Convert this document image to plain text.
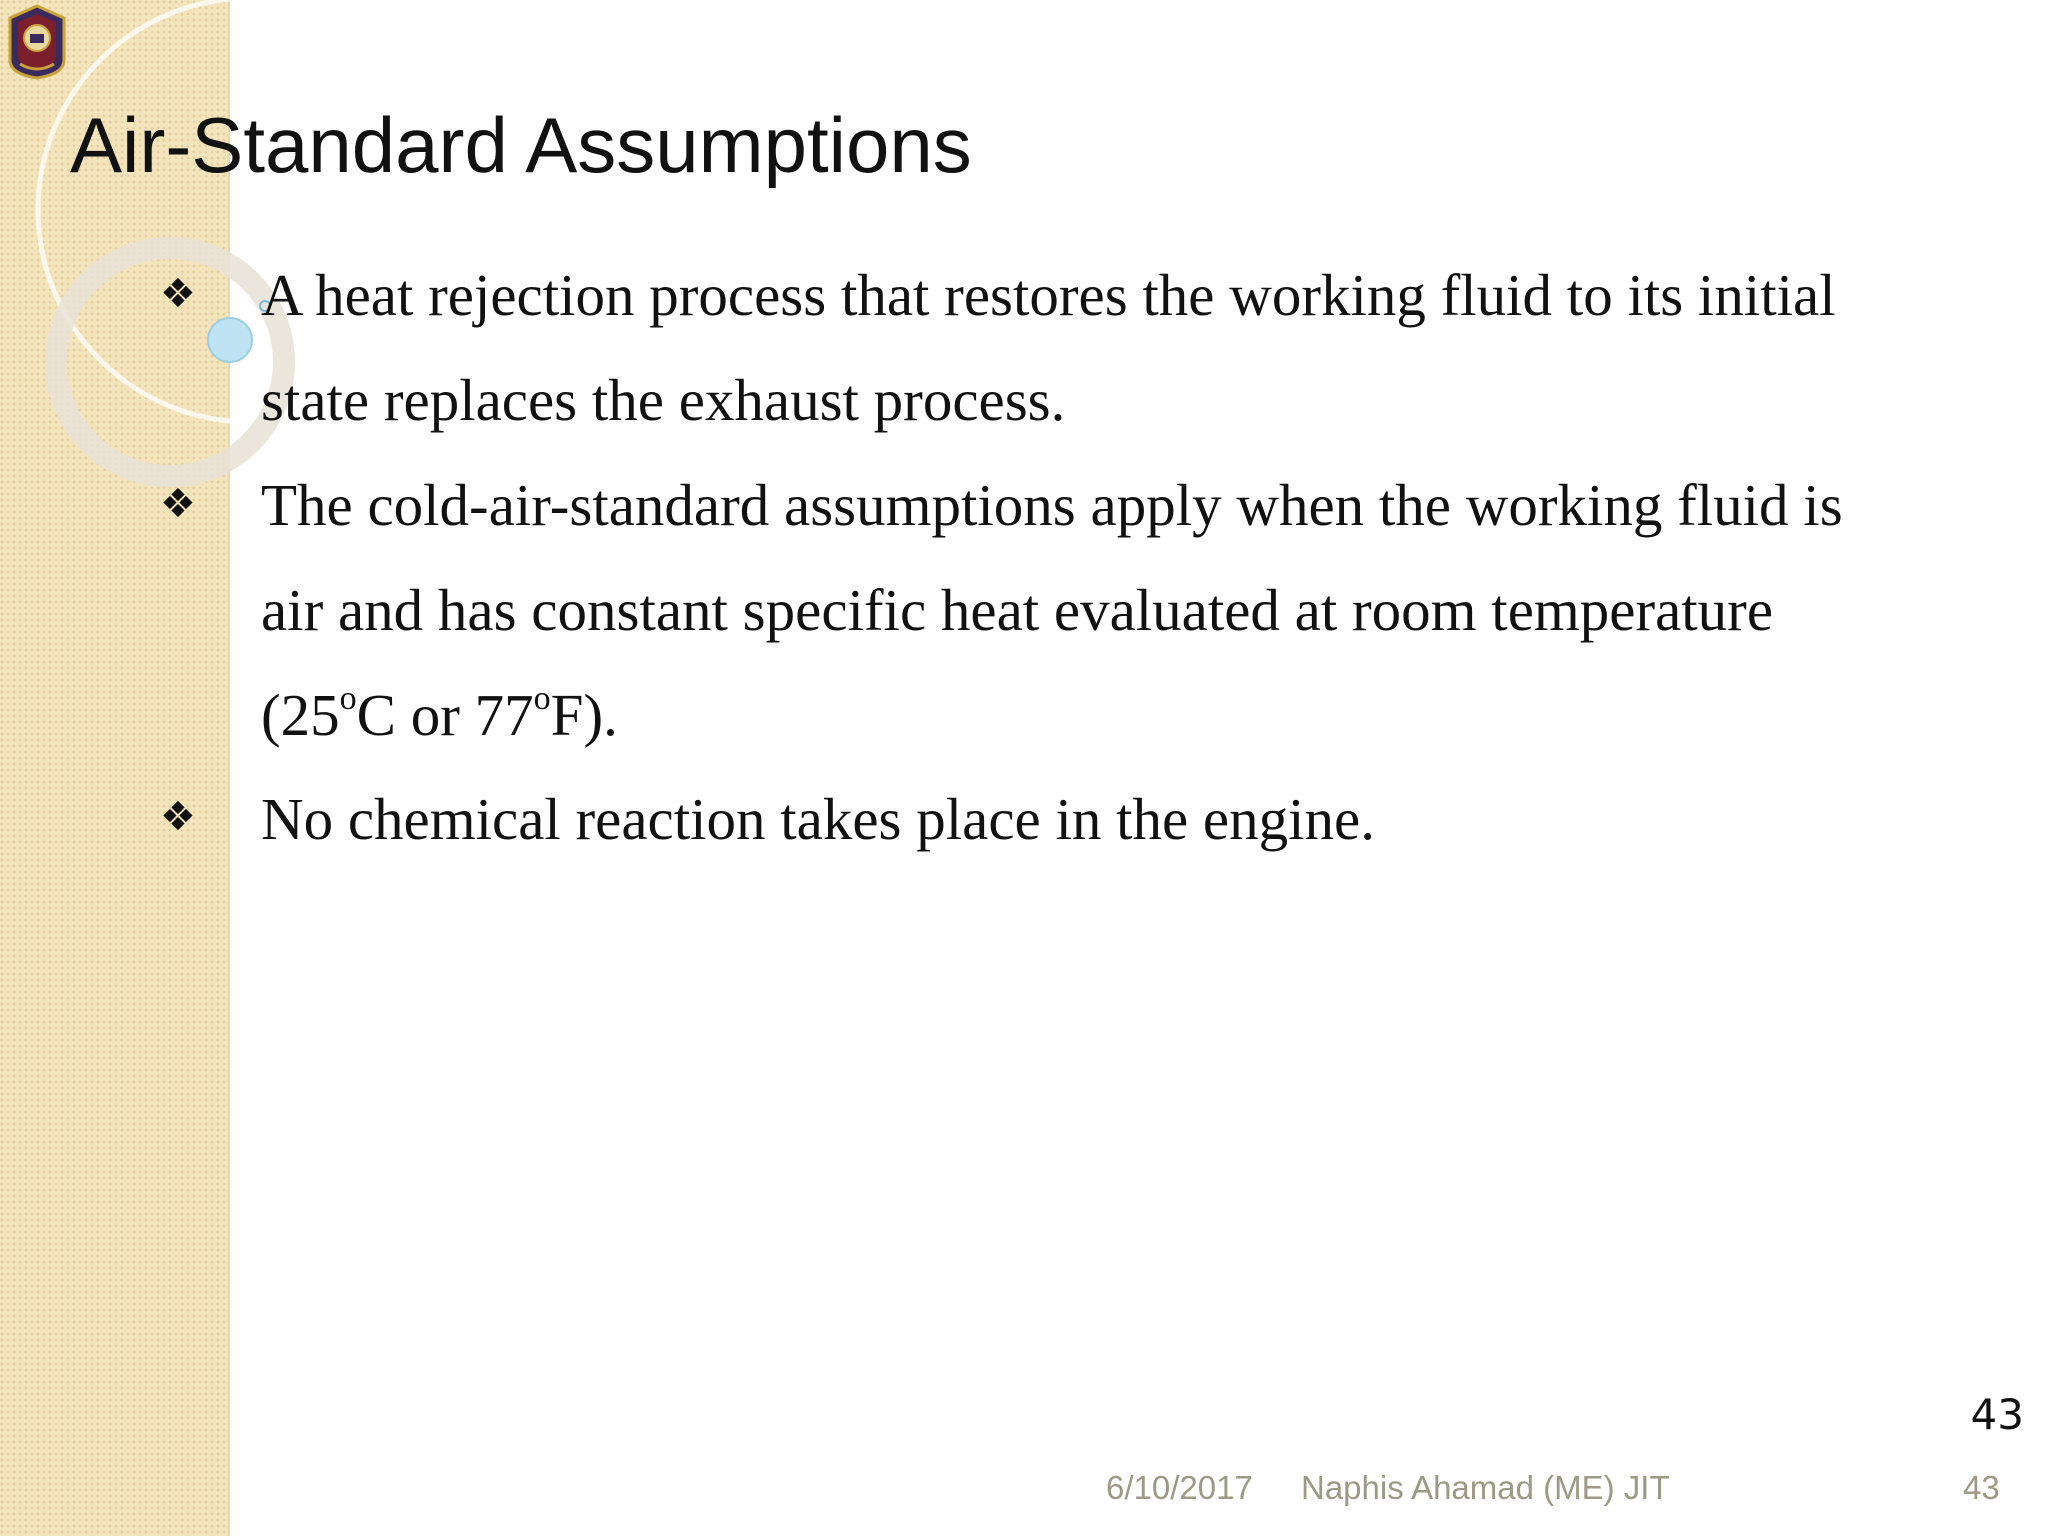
Air-Standard Assumptions
❖ A heat rejection process that restores the working fluid to its initial
state replaces the exhaust process.
❖ The cold-air-standard assumptions apply when the working fluid is
air and has constant specific heat evaluated at room temperature
(25$^o$C or 77$^o$F).
❖ No chemical reaction takes place in the engine.
43
6/10/2017 Naphis Ahamad (ME) JIT	43
